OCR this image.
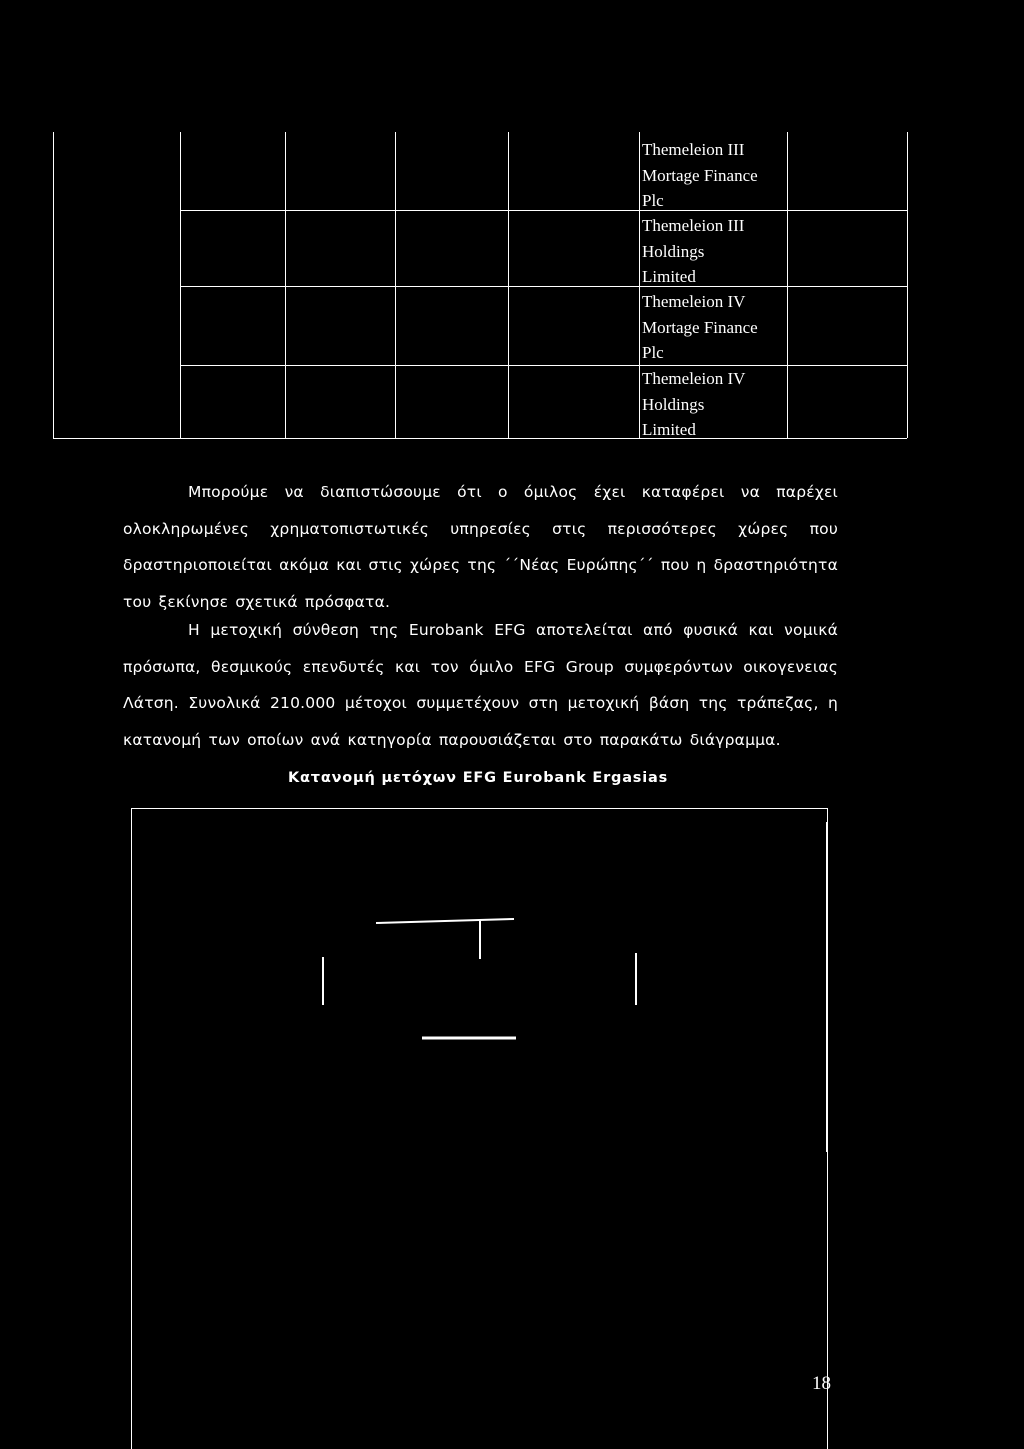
Themeleion III
Mortage Finance
Plc
Themeleion III
Holdings
Limited
Themeleion IV
Mortage Finance
Plc
Themeleion IV
Holdings
Limited
Μπορούμε να διαπιστώσουμε ότι ο όμιλος έχει καταφέρει να παρέχει ολοκληρωμένες χρηματοπιστωτικές υπηρεσίες στις περισσότερες χώρες που δραστηριοποιείται ακόμα και στις χώρες της ΄΄Νέας Ευρώπης΄΄ που η δραστηριότητα του ξεκίνησε σχετικά πρόσφατα.
Η μετοχική σύνθεση της Eurobank EFG αποτελείται από φυσικά και νομικά πρόσωπα, θεσμικούς επενδυτές και τον όμιλο EFG Group συμφερόντων οικογενειας Λάτση. Συνολικά 210.000 μέτοχοι συμμετέχουν στη μετοχική βάση της τράπεζας, η κατανομή των οποίων ανά κατηγορία παρουσιάζεται στο παρακάτω διάγραμμα.
Κατανομή μετόχων EFG Eurobank Ergasias
18
